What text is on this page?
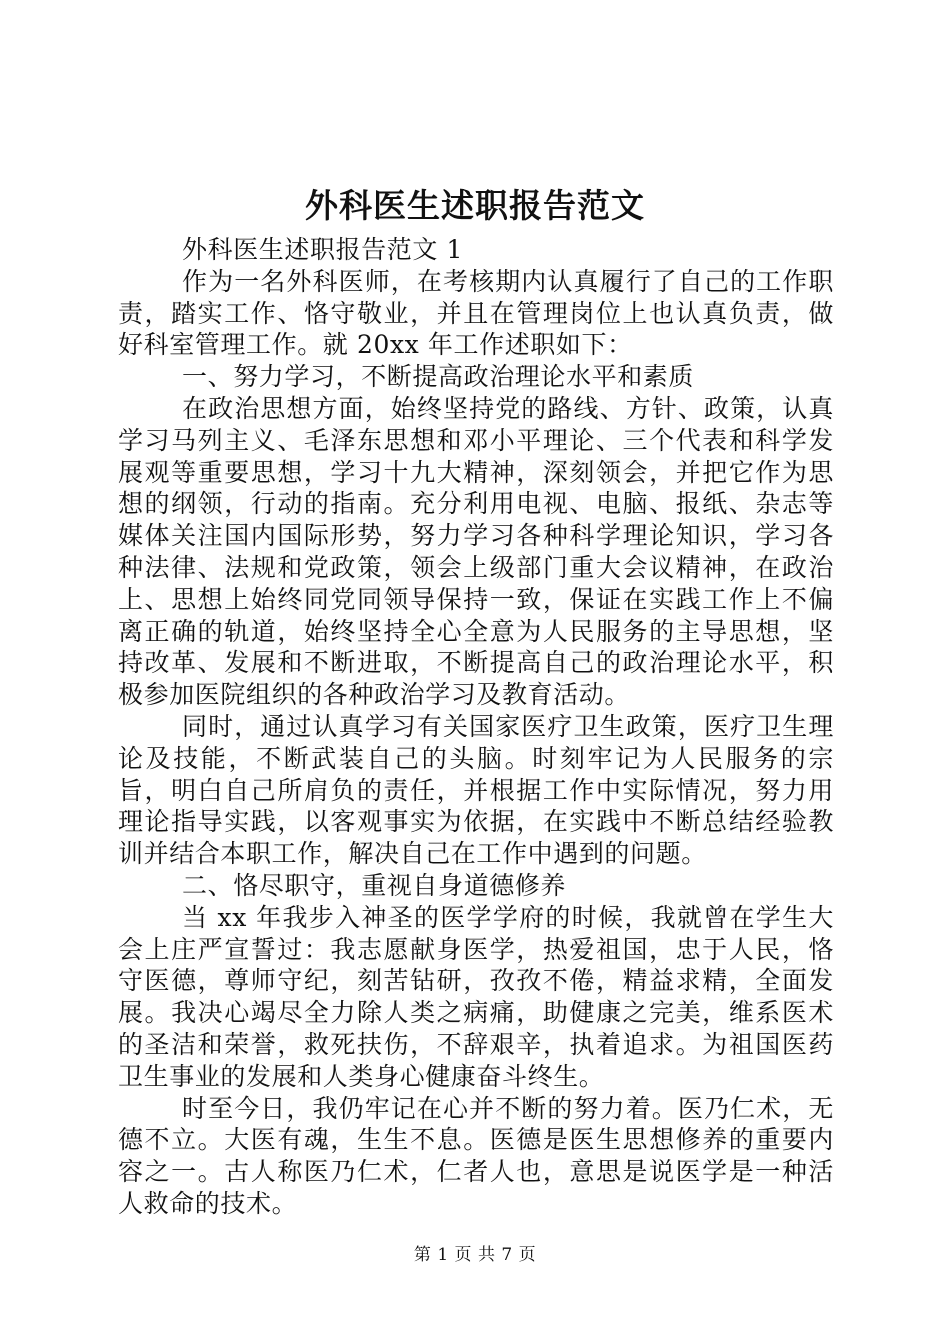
外科医生述职报告范文

外科医生述职报告范文 1

作为一名外科医师，在考核期内认真履行了自己的工作职责，踏实工作、恪守敬业，并且在管理岗位上也认真负责，做好科室管理工作。就 20xx 年工作述职如下：

一、努力学习，不断提高政治理论水平和素质

在政治思想方面，始终坚持党的路线、方针、政策，认真学习马列主义、毛泽东思想和邓小平理论、三个代表和科学发展观等重要思想，学习十九大精神，深刻领会，并把它作为思想的纲领，行动的指南。充分利用电视、电脑、报纸、杂志等媒体关注国内国际形势，努力学习各种科学理论知识，学习各种法律、法规和党政策，领会上级部门重大会议精神，在政治上、思想上始终同党同领导保持一致，保证在实践工作上不偏离正确的轨道，始终坚持全心全意为人民服务的主导思想，坚持改革、发展和不断进取，不断提高自己的政治理论水平，积极参加医院组织的各种政治学习及教育活动。

同时，通过认真学习有关国家医疗卫生政策，医疗卫生理论及技能，不断武装自己的头脑。时刻牢记为人民服务的宗旨，明白自己所肩负的责任，并根据工作中实际情况，努力用理论指导实践，以客观事实为依据，在实践中不断总结经验教训并结合本职工作，解决自己在工作中遇到的问题。

二、恪尽职守，重视自身道德修养

当 xx 年我步入神圣的医学学府的时候，我就曾在学生大会上庄严宣誓过：我志愿献身医学，热爱祖国，忠于人民，恪守医德，尊师守纪，刻苦钻研，孜孜不倦，精益求精，全面发展。我决心竭尽全力除人类之病痛，助健康之完美，维系医术的圣洁和荣誉，救死扶伤，不辞艰辛，执着追求。为祖国医药卫生事业的发展和人类身心健康奋斗终生。

时至今日，我仍牢记在心并不断的努力着。医乃仁术，无德不立。大医有魂，生生不息。医德是医生思想修养的重要内容之一。古人称医乃仁术，仁者人也，意思是说医学是一种活人救命的技术。

第 1 页 共 7 页
